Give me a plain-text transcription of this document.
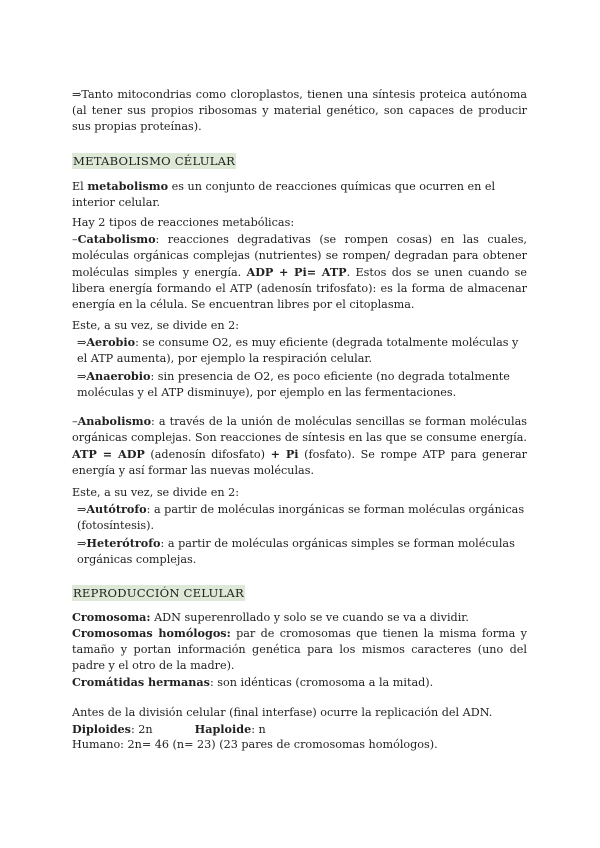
⇒Tanto mitocondrias como cloroplastos, tienen una síntesis proteica autónoma (al tener sus propios ribosomas y material genético, son capaces de producir sus propias proteínas).

METABOLISMO CÉLULAR

El metabolismo es un conjunto de reacciones químicas que ocurren en el interior celular.

Hay 2 tipos de reacciones metabólicas:

–Catabolismo: reacciones degradativas (se rompen cosas) en las cuales, moléculas orgánicas complejas (nutrientes) se rompen/ degradan para obtener moléculas simples y energía. ADP + Pi= ATP. Estos dos se unen cuando se libera energía formando el ATP (adenosín trifosfato): es la forma de almacenar energía en la célula. Se encuentran libres por el citoplasma.

Este, a su vez, se divide en 2:

⇒Aerobio: se consume O2, es muy eficiente (degrada totalmente moléculas y el ATP aumenta), por ejemplo la respiración celular.

⇒Anaerobio: sin presencia de O2, es poco eficiente (no degrada totalmente moléculas y el ATP disminuye), por ejemplo en las fermentaciones.

–Anabolismo: a través de la unión de moléculas sencillas se forman moléculas orgánicas complejas. Son reacciones de síntesis en las que se consume energía. ATP = ADP (adenosín difosfato) + Pi (fosfato). Se rompe ATP para generar energía y así formar las nuevas moléculas.

Este, a su vez, se divide en 2:

⇒Autótrofo: a partir de moléculas inorgánicas se forman moléculas orgánicas (fotosíntesis).

⇒Heterótrofo: a partir de moléculas orgánicas simples se forman moléculas orgánicas complejas.

REPRODUCCIÓN CELULAR

Cromosoma: ADN superenrollado y solo se ve cuando se va a dividir.

Cromosomas homólogos: par de cromosomas que tienen la misma forma y tamaño y portan información genética para los mismos caracteres (uno del padre y el otro de la madre).

Cromátidas hermanas: son idénticas (cromosoma a la mitad).

Antes de la división celular (final interfase) ocurre la replicación del ADN.

Diploides: 2n	Haploide: n

Humano: 2n= 46 (n= 23) (23 pares de cromosomas homólogos).
